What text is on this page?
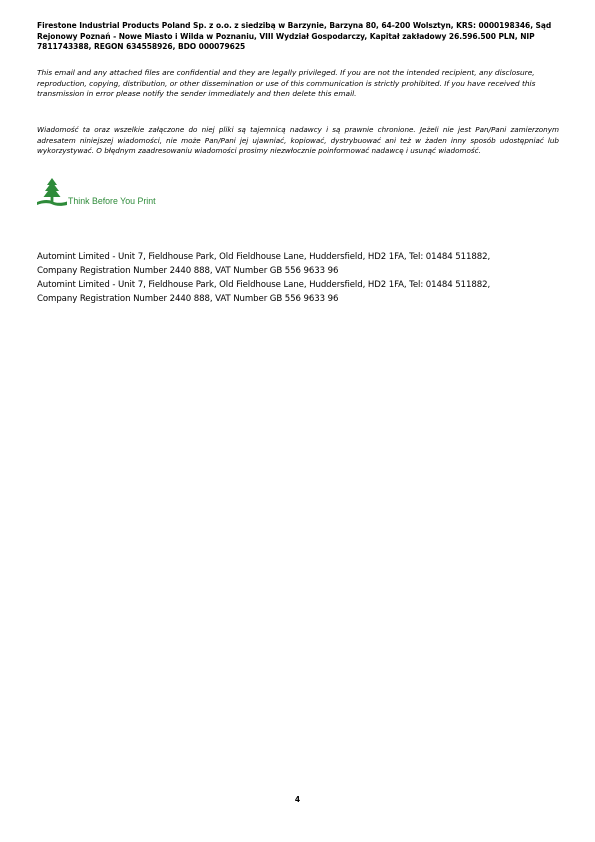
Firestone Industrial Products Poland Sp. z o.o. z siedzibą w Barzynie, Barzyna 80, 64-200 Wolsztyn, KRS: 0000198346, Sąd Rejonowy Poznań - Nowe Miasto i Wilda w Poznaniu, VIII Wydział Gospodarczy, Kapitał zakładowy 26.596.500 PLN, NIP 7811743388, REGON 634558926, BDO 000079625

This email and any attached files are confidential and they are legally privileged. If you are not the intended recipient, any disclosure, reproduction, copying, distribution, or other dissemination or use of this communication is strictly prohibited. If you have received this transmission in error please notify the sender immediately and then delete this email.

Wiadomość ta oraz wszelkie załączone do niej pliki są tajemnicą nadawcy i są prawnie chronione. Jeżeli nie jest Pan/Pani zamierzonym adresatem niniejszej wiadomości, nie może Pan/Pani jej ujawniać, kopiować, dystrybuować ani też w żaden inny sposób udostępniać lub wykorzystywać. O błędnym zaadresowaniu wiadomości prosimy niezwłocznie poinformować nadawcę i usunąć wiadomość.

Think Before You Print

Automint Limited - Unit 7, Fieldhouse Park, Old Fieldhouse Lane, Huddersfield, HD2 1FA, Tel: 01484 511882,

Company Registration Number 2440 888, VAT Number GB 556 9633 96

Automint Limited - Unit 7, Fieldhouse Park, Old Fieldhouse Lane, Huddersfield, HD2 1FA, Tel: 01484 511882,

Company Registration Number 2440 888, VAT Number GB 556 9633 96

4
